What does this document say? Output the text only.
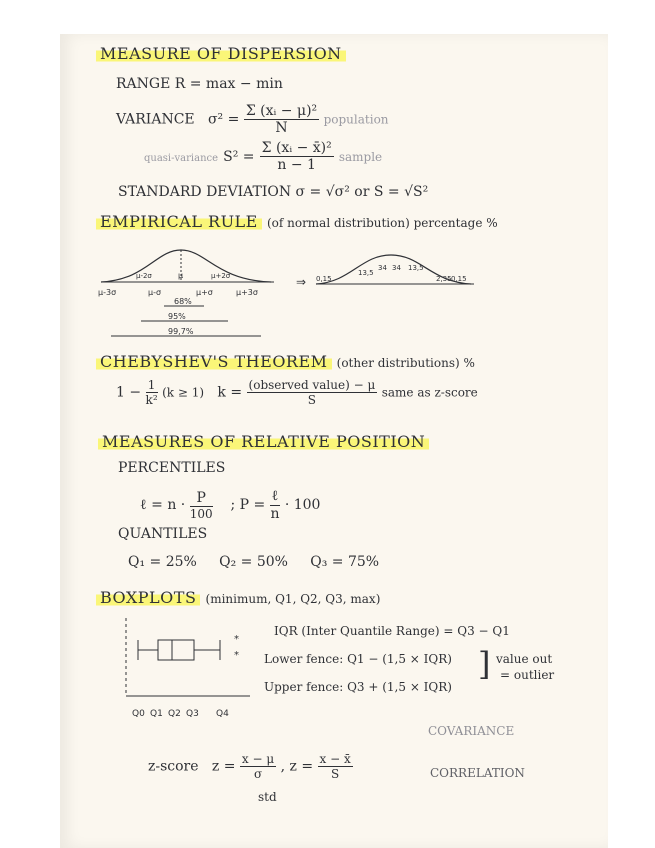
MEASURE OF DISPERSION
RANGE R = max − min
VARIANCE $\sigma^2 = \frac{\text{Σ (xᵢ − μ)²}}{N}$ population
quasi-variance $S^2 = \frac{\text{Σ (xᵢ − x̄)²}}{n - 1}$ sample
STANDARD DEVIATION σ = √σ² or S = √S²
EMPIRICAL RULE (of normal distribution) percentage %
μ-3σ	μ-σ
μ-2σ	μ
μ+σ
μ+2σ
μ+3σ
68%
95%
99,7%
⇒ 0,15	2,35
13,5
34 34 13,5
0,15
CHEBYSHEV'S THEOREM (other distributions) %
$1 - \frac{1}{\text{k²}} (k \ge 1) k = \frac{\text{(observed value) − μ}}{S}$ same as z-score
MEASURES OF RELATIVE POSITION
PERCENTILES
ℓ = $n \cdot \frac{P}{100}$ ; $P = \frac{\text{ℓ}}{n} \cdot 100$
QUANTILES
Q₁ = 25% Q₂ = 50% Q₃ = 75%
BOXPLOTS (minimum, Q1, Q2, Q3, max)
*
*
Q0 Q1 Q2 Q3 Q4
IQR (Inter Quantile Range) = Q3 − Q1
Lower fence: Q1 − (1,5 × IQR)
Upper fence: Q3 + (1,5 × IQR)
] value out
= outlier
z-score $z = \frac{x - \mu}{\sigma}$ , $z = \frac{x - x̄}{S}$
std
COVARIANCE
CORRELATION
